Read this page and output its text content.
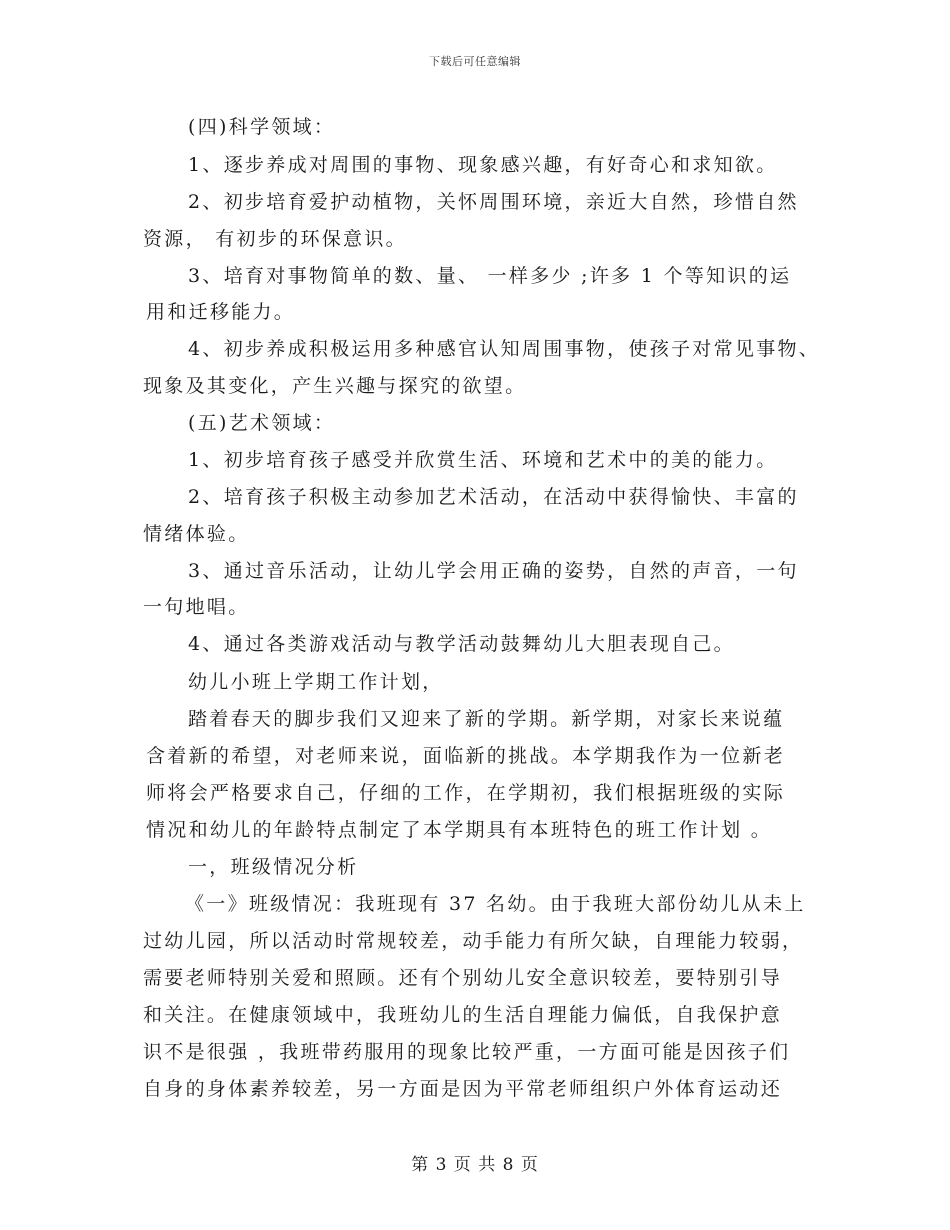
下载后可任意编辑
(四)科学领域：
1、逐步养成对周围的事物、现象感兴趣，有好奇心和求知欲。
2、初步培育爱护动植物，关怀周围环境，亲近大自然，珍惜自然
资源， 有初步的环保意识。
3、培育对事物简单的数、量、 一样多少 ;许多 1 个等知识的运
用和迁移能力。
4、初步养成积极运用多种感官认知周围事物，使孩子对常见事物、
现象及其变化，产生兴趣与探究的欲望。
(五)艺术领域：
1、初步培育孩子感受并欣赏生活、环境和艺术中的美的能力。
2、培育孩子积极主动参加艺术活动，在活动中获得愉快、丰富的
情绪体验。
3、通过音乐活动，让幼儿学会用正确的姿势，自然的声音，一句
一句地唱。
4、通过各类游戏活动与教学活动鼓舞幼儿大胆表现自己。
幼儿小班上学期工作计划，
踏着春天的脚步我们又迎来了新的学期。新学期，对家长来说蕴
含着新的希望，对老师来说，面临新的挑战。本学期我作为一位新老
师将会严格要求自己，仔细的工作，在学期初，我们根据班级的实际
情况和幼儿的年龄特点制定了本学期具有本班特色的班工作计划 。
一，班级情况分析
《一》班级情况：我班现有 37 名幼。由于我班大部份幼儿从未上
过幼儿园，所以活动时常规较差，动手能力有所欠缺，自理能力较弱，
需要老师特别关爱和照顾。还有个别幼儿安全意识较差，要特别引导
和关注。在健康领域中，我班幼儿的生活自理能力偏低，自我保护意
识不是很强 ，我班带药服用的现象比较严重，一方面可能是因孩子们
自身的身体素养较差，另一方面是因为平常老师组织户外体育运动还
第 3 页 共 8 页
